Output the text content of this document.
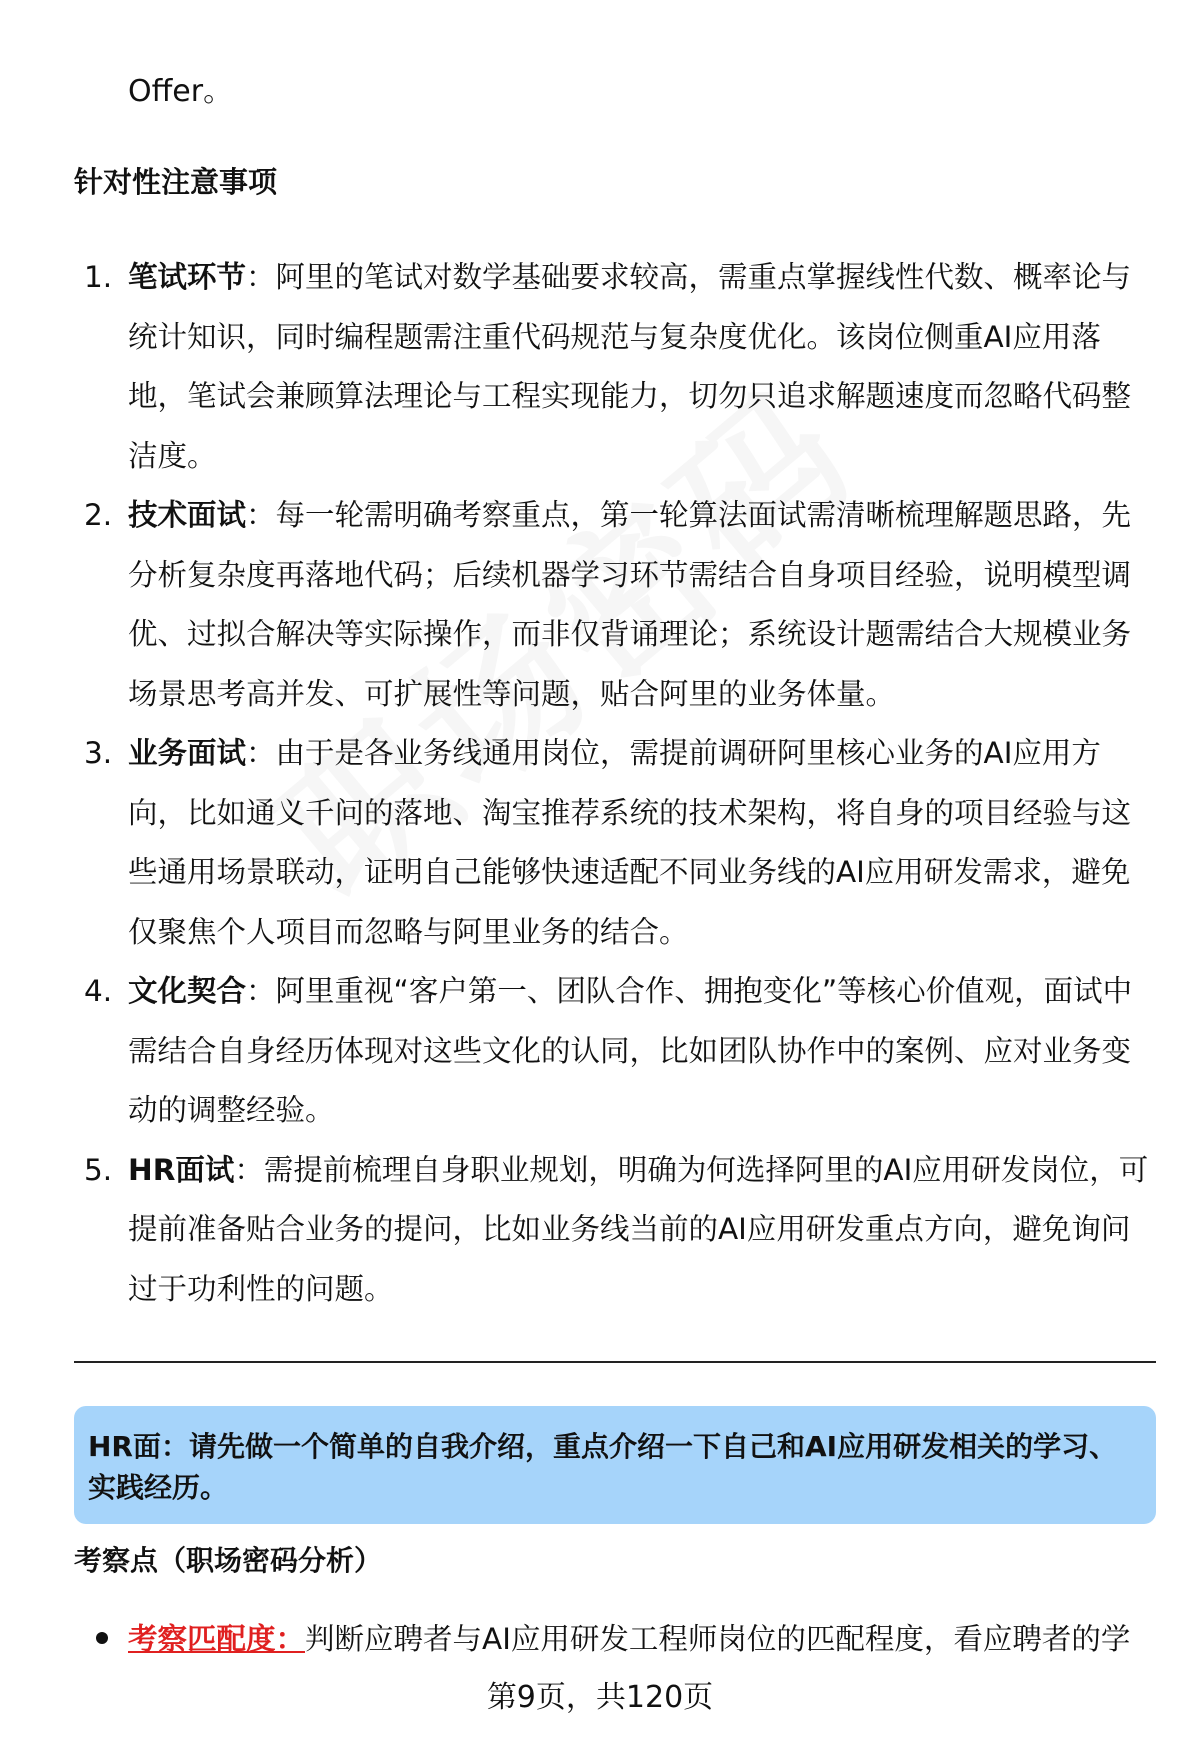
Offer。
针对性注意事项
1. 笔试环节：阿里的笔试对数学基础要求较高，需重点掌握线性代数、概率论与统计知识，同时编程题需注重代码规范与复杂度优化。该岗位侧重AI应用落地，笔试会兼顾算法理论与工程实现能力，切勿只追求解题速度而忽略代码整洁度。
2. 技术面试：每一轮需明确考察重点，第一轮算法面试需清晰梳理解题思路，先分析复杂度再落地代码；后续机器学习环节需结合自身项目经验，说明模型调优、过拟合解决等实际操作，而非仅背诵理论；系统设计题需结合大规模业务场景思考高并发、可扩展性等问题，贴合阿里的业务体量。
3. 业务面试：由于是各业务线通用岗位，需提前调研阿里核心业务的AI应用方向，比如通义千问的落地、淘宝推荐系统的技术架构，将自身的项目经验与这些通用场景联动，证明自己能够快速适配不同业务线的AI应用研发需求，避免仅聚焦个人项目而忽略与阿里业务的结合。
4. 文化契合：阿里重视“客户第一、团队合作、拥抱变化”等核心价值观，面试中需结合自身经历体现对这些文化的认同，比如团队协作中的案例、应对业务变动的调整经验。
5. HR面试：需提前梳理自身职业规划，明确为何选择阿里的AI应用研发岗位，可提前准备贴合业务的提问，比如业务线当前的AI应用研发重点方向，避免询问过于功利性的问题。
HR面：请先做一个简单的自我介绍，重点介绍一下自己和AI应用研发相关的学习、实践经历。
考察点（职场密码分析）
考察匹配度：判断应聘者与AI应用研发工程师岗位的匹配程度，看应聘者的学
第9页，共120页
